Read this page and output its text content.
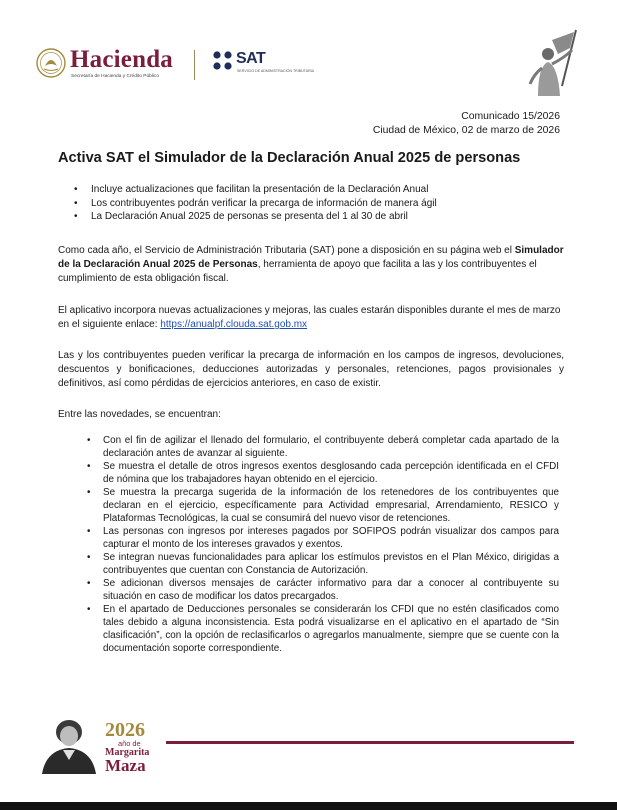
Hacienda
Secretaría de Hacienda y Crédito Público
SAT
SERVICIO DE ADMINISTRACIÓN TRIBUTARIA
Comunicado 15/2026
Ciudad de México, 02 de marzo de 2026
Activa SAT el Simulador de la Declaración Anual 2025 de personas
• Incluye actualizaciones que facilitan la presentación de la Declaración Anual
• Los contribuyentes podrán verificar la precarga de información de manera ágil
• La Declaración Anual 2025 de personas se presenta del 1 al 30 de abril

Como cada año, el Servicio de Administración Tributaria (SAT) pone a disposición en su página web el Simulador de la Declaración Anual 2025 de Personas, herramienta de apoyo que facilita a las y los contribuyentes el cumplimiento de esta obligación fiscal.

El aplicativo incorpora nuevas actualizaciones y mejoras, las cuales estarán disponibles durante el mes de marzo en el siguiente enlace: https://anualpf.clouda.sat.gob.mx

Las y los contribuyentes pueden verificar la precarga de información en los campos de ingresos, devoluciones, descuentos y bonificaciones, deducciones autorizadas y personales, retenciones, pagos provisionales y definitivos, así como pérdidas de ejercicios anteriores, en caso de existir.

Entre las novedades, se encuentran:

• Con el fin de agilizar el llenado del formulario, el contribuyente deberá completar cada apartado de la declaración antes de avanzar al siguiente.
• Se muestra el detalle de otros ingresos exentos desglosando cada percepción identificada en el CFDI de nómina que los trabajadores hayan obtenido en el ejercicio.
• Se muestra la precarga sugerida de la información de los retenedores de los contribuyentes que declaran en el ejercicio, específicamente para Actividad empresarial, Arrendamiento, RESICO y Plataformas Tecnológicas, la cual se consumirá del nuevo visor de retenciones.
• Las personas con ingresos por intereses pagados por SOFIPOS podrán visualizar dos campos para capturar el monto de los intereses gravados y exentos.
• Se integran nuevas funcionalidades para aplicar los estímulos previstos en el Plan México, dirigidas a contribuyentes que cuentan con Constancia de Autorización.
• Se adicionan diversos mensajes de carácter informativo para dar a conocer al contribuyente su situación en caso de modificar los datos precargados.
• En el apartado de Deducciones personales se considerarán los CFDI que no estén clasificados como tales debido a alguna inconsistencia. Esta podrá visualizarse en el aplicativo en el apartado de “Sin clasificación”, con la opción de reclasificarlos o agregarlos manualmente, siempre que se cuente con la documentación soporte correspondiente.
2026
año de
Margarita
Maza
